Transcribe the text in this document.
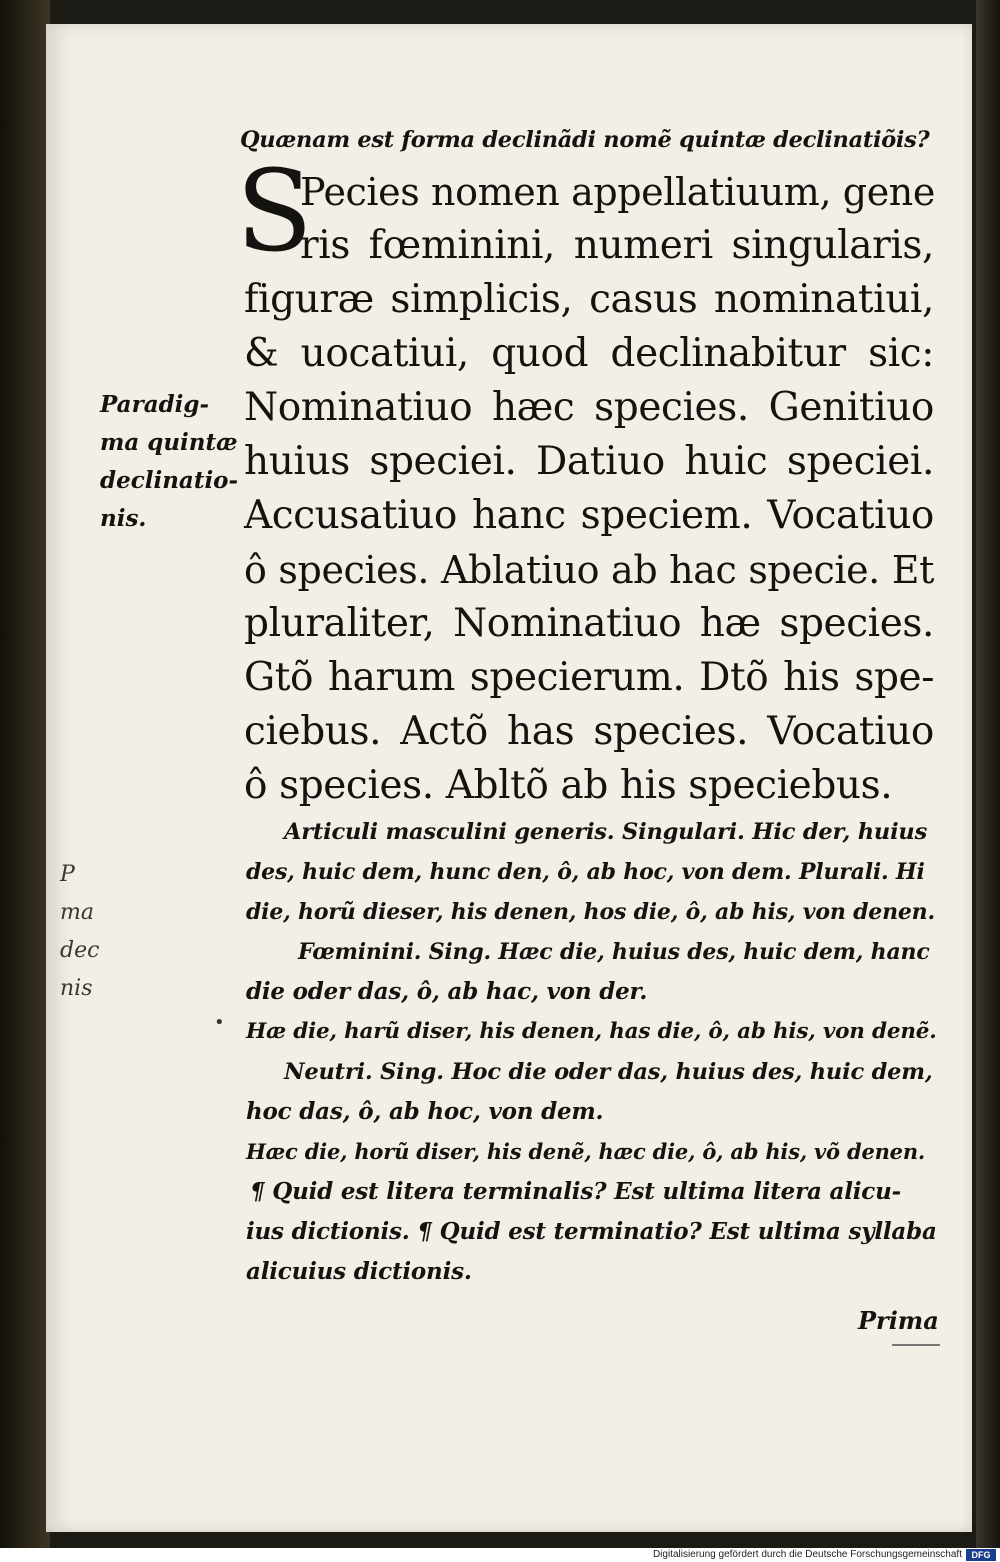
P
ma
dec
nis
•
Quænam est forma declinãdi nomẽ quintæ declinatiõis?
S
Pecies nomen appellatiuum, gene
ris fœminini, numeri singularis,
figuræ simplicis, casus nominatiui,
& uocatiui, quod declinabitur sic:
Nominatiuo hæc species. Genitiuo
huius speciei. Datiuo huic speciei.
Accusatiuo hanc speciem. Vocatiuo
ô species. Ablatiuo ab hac specie. Et
pluraliter, Nominatiuo hæ species.
Gtõ harum specierum. Dtõ his spe-
ciebus. Actõ has species. Vocatiuo
ô species. Abltõ ab his speciebus.
Paradig-
ma quintæ
declinatio-
nis.
Articuli masculini generis. Singulari. Hic der, huius
des, huic dem, hunc den, ô, ab hoc, von dem. Plurali. Hi
die, horũ dieser, his denen, hos die, ô, ab his, von denen.
Fœminini. Sing. Hæc die, huius des, huic dem, hanc
die oder das, ô, ab hac, von der.
Hæ die, harũ diser, his denen, has die, ô, ab his, von denẽ.
Neutri. Sing. Hoc die oder das, huius des, huic dem,
hoc das, ô, ab hoc, von dem.
Hæc die, horũ diser, his denẽ, hæc die, ô, ab his, võ denen.
¶ Quid est litera terminalis? Est ultima litera alicu-
ius dictionis. ¶ Quid est terminatio? Est ultima syllaba
alicuius dictionis.
Prima
Digitalisierung gefördert durch die Deutsche Forschungsgemeinschaft	DFG
